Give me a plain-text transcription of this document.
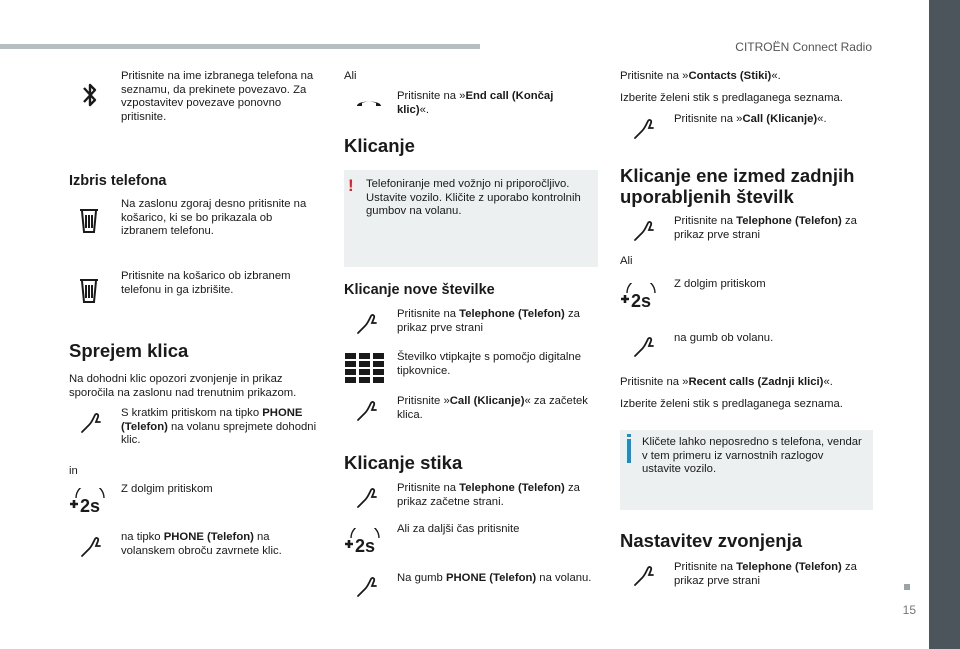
CITROËN Connect Radio
15
Pritisnite na ime izbranega telefona na seznamu, da prekinete povezavo. Za vzpostavitev povezave ponovno pritisnite.
Izbris telefona
Na zaslonu zgoraj desno pritisnite na košarico, ki se bo prikazala ob izbranem telefonu.
Pritisnite na košarico ob izbranem telefonu in ga izbrišite.
Sprejem klica
Na dohodni klic opozori zvonjenje in prikaz sporočila na zaslonu nad trenutnim prikazom.
S kratkim pritiskom na tipko PHONE (Telefon) na volanu sprejmete dohodni klic.
in
2s
Z dolgim pritiskom
na tipko PHONE (Telefon) na volanskem obroču zavrnete klic.
Ali
Pritisnite na »End call (Končaj klic)«.
Klicanje
! Telefoniranje med vožnjo ni priporočljivo. Ustavite vozilo. Kličite z uporabo kontrolnih gumbov na volanu.
Klicanje nove številke
Pritisnite na Telephone (Telefon) za prikaz prve strani
Številko vtipkajte s pomočjo digitalne tipkovnice.
Pritisnite »Call (Klicanje)« za začetek klica.
Klicanje stika
Pritisnite na Telephone (Telefon) za prikaz začetne strani.
2s
Ali za daljši čas pritisnite
Na gumb PHONE (Telefon) na volanu.
Pritisnite na »Contacts (Stiki)«.
Izberite želeni stik s predlaganega seznama.
Pritisnite na »Call (Klicanje)«.
Klicanje ene izmed zadnjih uporabljenih številk
Pritisnite na Telephone (Telefon) za prikaz prve strani
Ali
2s
Z dolgim pritiskom
na gumb ob volanu.
Pritisnite na »Recent calls (Zadnji klici)«.
Izberite želeni stik s predlaganega seznama.
Kličete lahko neposredno s telefona, vendar v tem primeru iz varnostnih razlogov ustavite vozilo.
Nastavitev zvonjenja
Pritisnite na Telephone (Telefon) za prikaz prve strani
